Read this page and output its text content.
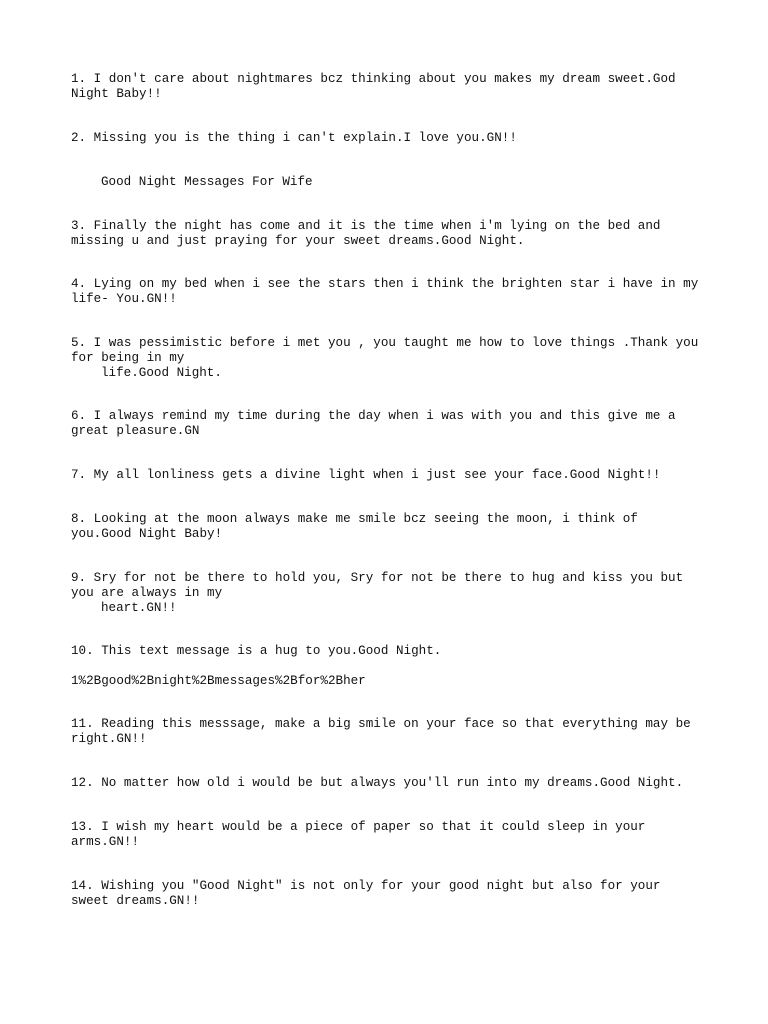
1. I don't care about nightmares bcz thinking about you makes my dream sweet.God
Night Baby!!
2. Missing you is the thing i can't explain.I love you.GN!!
Good Night Messages For Wife
3. Finally the night has come and it is the time when i'm lying on the bed and
missing u and just praying for your sweet dreams.Good Night.
4. Lying on my bed when i see the stars then i think the brighten star i have in my
life- You.GN!!
5. I was pessimistic before i met you , you taught me how to love things .Thank you
for being in my
life.Good Night.
6. I always remind my time during the day when i was with you and this give me a
great pleasure.GN
7. My all lonliness gets a divine light when i just see your face.Good Night!!
8. Looking at the moon always make me smile bcz seeing the moon, i think of
you.Good Night Baby!
9. Sry for not be there to hold you, Sry for not be there to hug and kiss you but
you are always in my
heart.GN!!
10. This text message is a hug to you.Good Night.
1%2Bgood%2Bnight%2Bmessages%2Bfor%2Bher
11. Reading this messsage, make a big smile on your face so that everything may be
right.GN!!
12. No matter how old i would be but always you'll run into my dreams.Good Night.
13. I wish my heart would be a piece of paper so that it could sleep in your
arms.GN!!
14. Wishing you "Good Night" is not only for your good night but also for your
sweet dreams.GN!!
